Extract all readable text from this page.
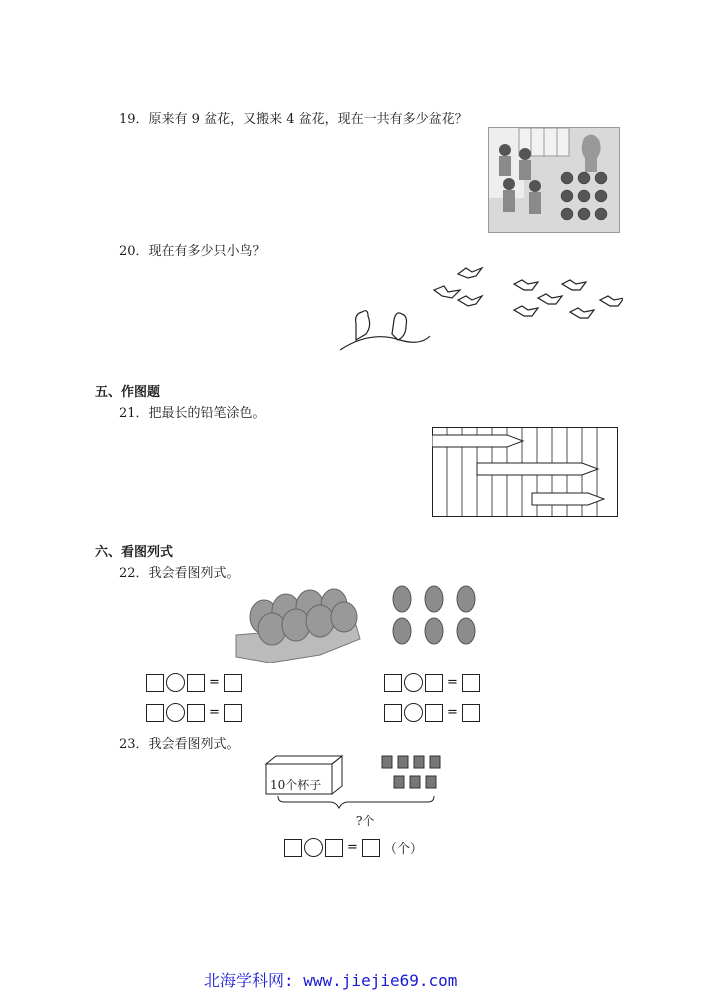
19．原来有 9 盆花，又搬来 4 盆花，现在一共有多少盆花？
20．现在有多少只小鸟？
五、作图题
21．把最长的铅笔涂色。
六、看图列式
22．我会看图列式。
=
=
=
=
23．我会看图列式。
10个杯子
?个
= （个）
北海学科网: www.jiejie69.com
